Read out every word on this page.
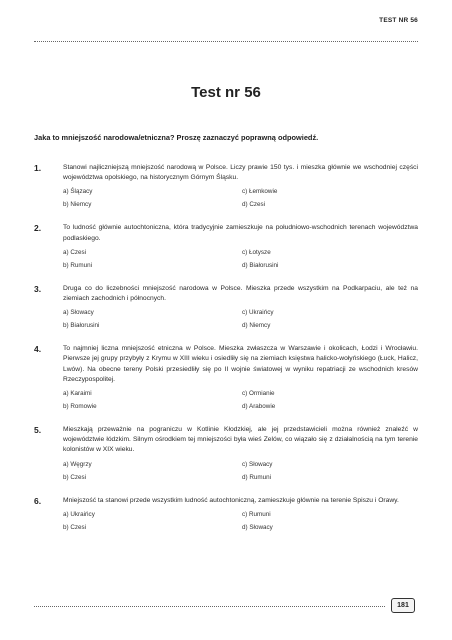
TEST NR 56
Test nr 56
Jaka to mniejszość narodowa/etniczna? Proszę zaznaczyć poprawną odpowiedź.
1.	Stanowi najliczniejszą mniejszość narodową w Polsce. Liczy prawie 150 tys. i mieszka głównie we wschodniej części województwa opolskiego, na historycznym Górnym Śląsku.
a) Ślązacy	c) Łemkowie
b) Niemcy	d) Czesi
2.	To ludność głównie autochtoniczna, która tradycyjnie zamieszkuje na południowo-wschodnich terenach województwa podlaskiego.
a) Czesi	c) Łotysze
b) Rumuni	d) Białorusini
3.	Druga co do liczebności mniejszość narodowa w Polsce. Mieszka przede wszystkim na Podkarpaciu, ale też na ziemiach zachodnich i północnych.
a) Słowacy	c) Ukraińcy
b) Białorusini	d) Niemcy
4.	To najmniej liczna mniejszość etniczna w Polsce. Mieszka zwłaszcza w Warszawie i okolicach, Łodzi i Wrocławiu. Pierwsze jej grupy przybyły z Krymu w XIII wieku i osiedliły się na ziemiach księstwa halicko-wołyńskiego (Łuck, Halicz, Lwów). Na obecne tereny Polski przesiedliły się po II wojnie światowej w wyniku repatriacji ze wschodnich kresów Rzeczypospolitej.
a) Karaimi	c) Ormianie
b) Romowie	d) Arabowie
5.	Mieszkają przeważnie na pograniczu w Kotlinie Kłodzkiej, ale jej przedstawicieli można również znaleźć w województwie łódzkim. Silnym ośrodkiem tej mniejszości była wieś Zelów, co wiązało się z działalnością na tym terenie kolonistów w XIX wieku.
a) Węgrzy	c) Słowacy
b) Czesi	d) Rumuni
6.	Mniejszość ta stanowi przede wszystkim ludność autochtoniczną, zamieszkuje głównie na terenie Spiszu i Orawy.
a) Ukraińcy	c) Rumuni
b) Czesi	d) Słowacy
181
